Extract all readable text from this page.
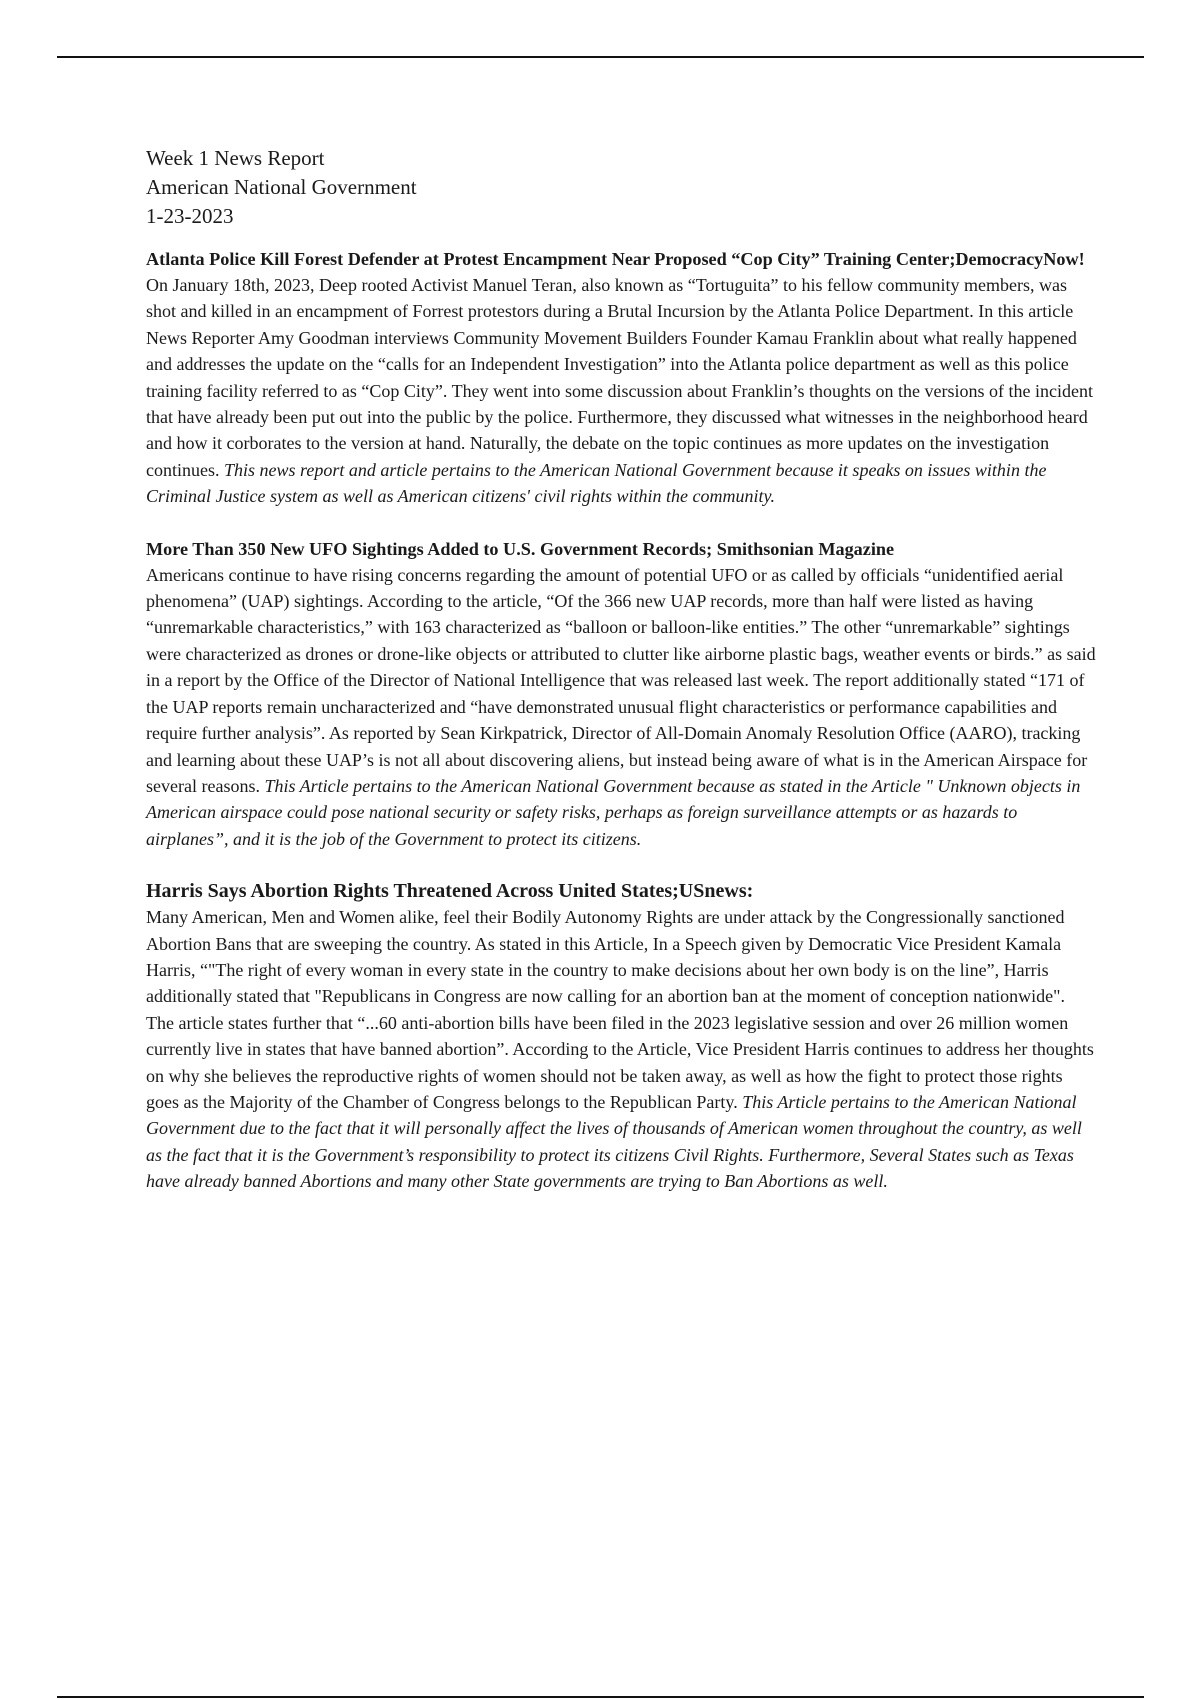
Week 1 News Report

American National Government

1-23-2023

Atlanta Police Kill Forest Defender at Protest Encampment Near Proposed “Cop City” Training Center;DemocracyNow!

On January 18th, 2023, Deep rooted Activist Manuel Teran, also known as “Tortuguita” to his fellow community members, was shot and killed in an encampment of Forrest protestors during a Brutal Incursion by the Atlanta Police Department. In this article News Reporter Amy Goodman interviews Community Movement Builders Founder Kamau Franklin about what really happened and addresses the update on the “calls for an Independent Investigation” into the Atlanta police department as well as this police training facility referred to as “Cop City”. They went into some discussion about Franklin’s thoughts on the versions of the incident that have already been put out into the public by the police. Furthermore, they discussed what witnesses in the neighborhood heard and how it corborates to the version at hand. Naturally, the debate on the topic continues as more updates on the investigation continues. This news report and article pertains to the American National Government because it speaks on issues within the Criminal Justice system as well as American citizens' civil rights within the community.

More Than 350 New UFO Sightings Added to U.S. Government Records; Smithsonian Magazine

Americans continue to have rising concerns regarding the amount of potential UFO or as called by officials “unidentified aerial phenomena” (UAP) sightings. According to the article, “Of the 366 new UAP records, more than half were listed as having “unremarkable characteristics,” with 163 characterized as “balloon or balloon-like entities.” The other “unremarkable” sightings were characterized as drones or drone-like objects or attributed to clutter like airborne plastic bags, weather events or birds.” as said in a report by the Office of the Director of National Intelligence that was released last week. The report additionally stated “171 of the UAP reports remain uncharacterized and “have demonstrated unusual flight characteristics or performance capabilities and require further analysis”. As reported by Sean Kirkpatrick, Director of All-Domain Anomaly Resolution Office (AARO), tracking and learning about these UAP’s is not all about discovering aliens, but instead being aware of what is in the American Airspace for several reasons. This Article pertains to the American National Government because as stated in the Article " Unknown objects in American airspace could pose national security or safety risks, perhaps as foreign surveillance attempts or as hazards to airplanes”, and it is the job of the Government to protect its citizens.

Harris Says Abortion Rights Threatened Across United States;USnews:

Many American, Men and Women alike, feel their Bodily Autonomy Rights are under attack by the Congressionally sanctioned Abortion Bans that are sweeping the country. As stated in this Article, In a Speech given by Democratic Vice President Kamala Harris, “"The right of every woman in every state in the country to make decisions about her own body is on the line”, Harris additionally stated that "Republicans in Congress are now calling for an abortion ban at the moment of conception nationwide". The article states further that “...60 anti-abortion bills have been filed in the 2023 legislative session and over 26 million women currently live in states that have banned abortion”. According to the Article, Vice President Harris continues to address her thoughts on why she believes the reproductive rights of women should not be taken away, as well as how the fight to protect those rights goes as the Majority of the Chamber of Congress belongs to the Republican Party. This Article pertains to the American National Government due to the fact that it will personally affect the lives of thousands of American women throughout the country, as well as the fact that it is the Government’s responsibility to protect its citizens Civil Rights. Furthermore, Several States such as Texas have already banned Abortions and many other State governments are trying to Ban Abortions as well.
